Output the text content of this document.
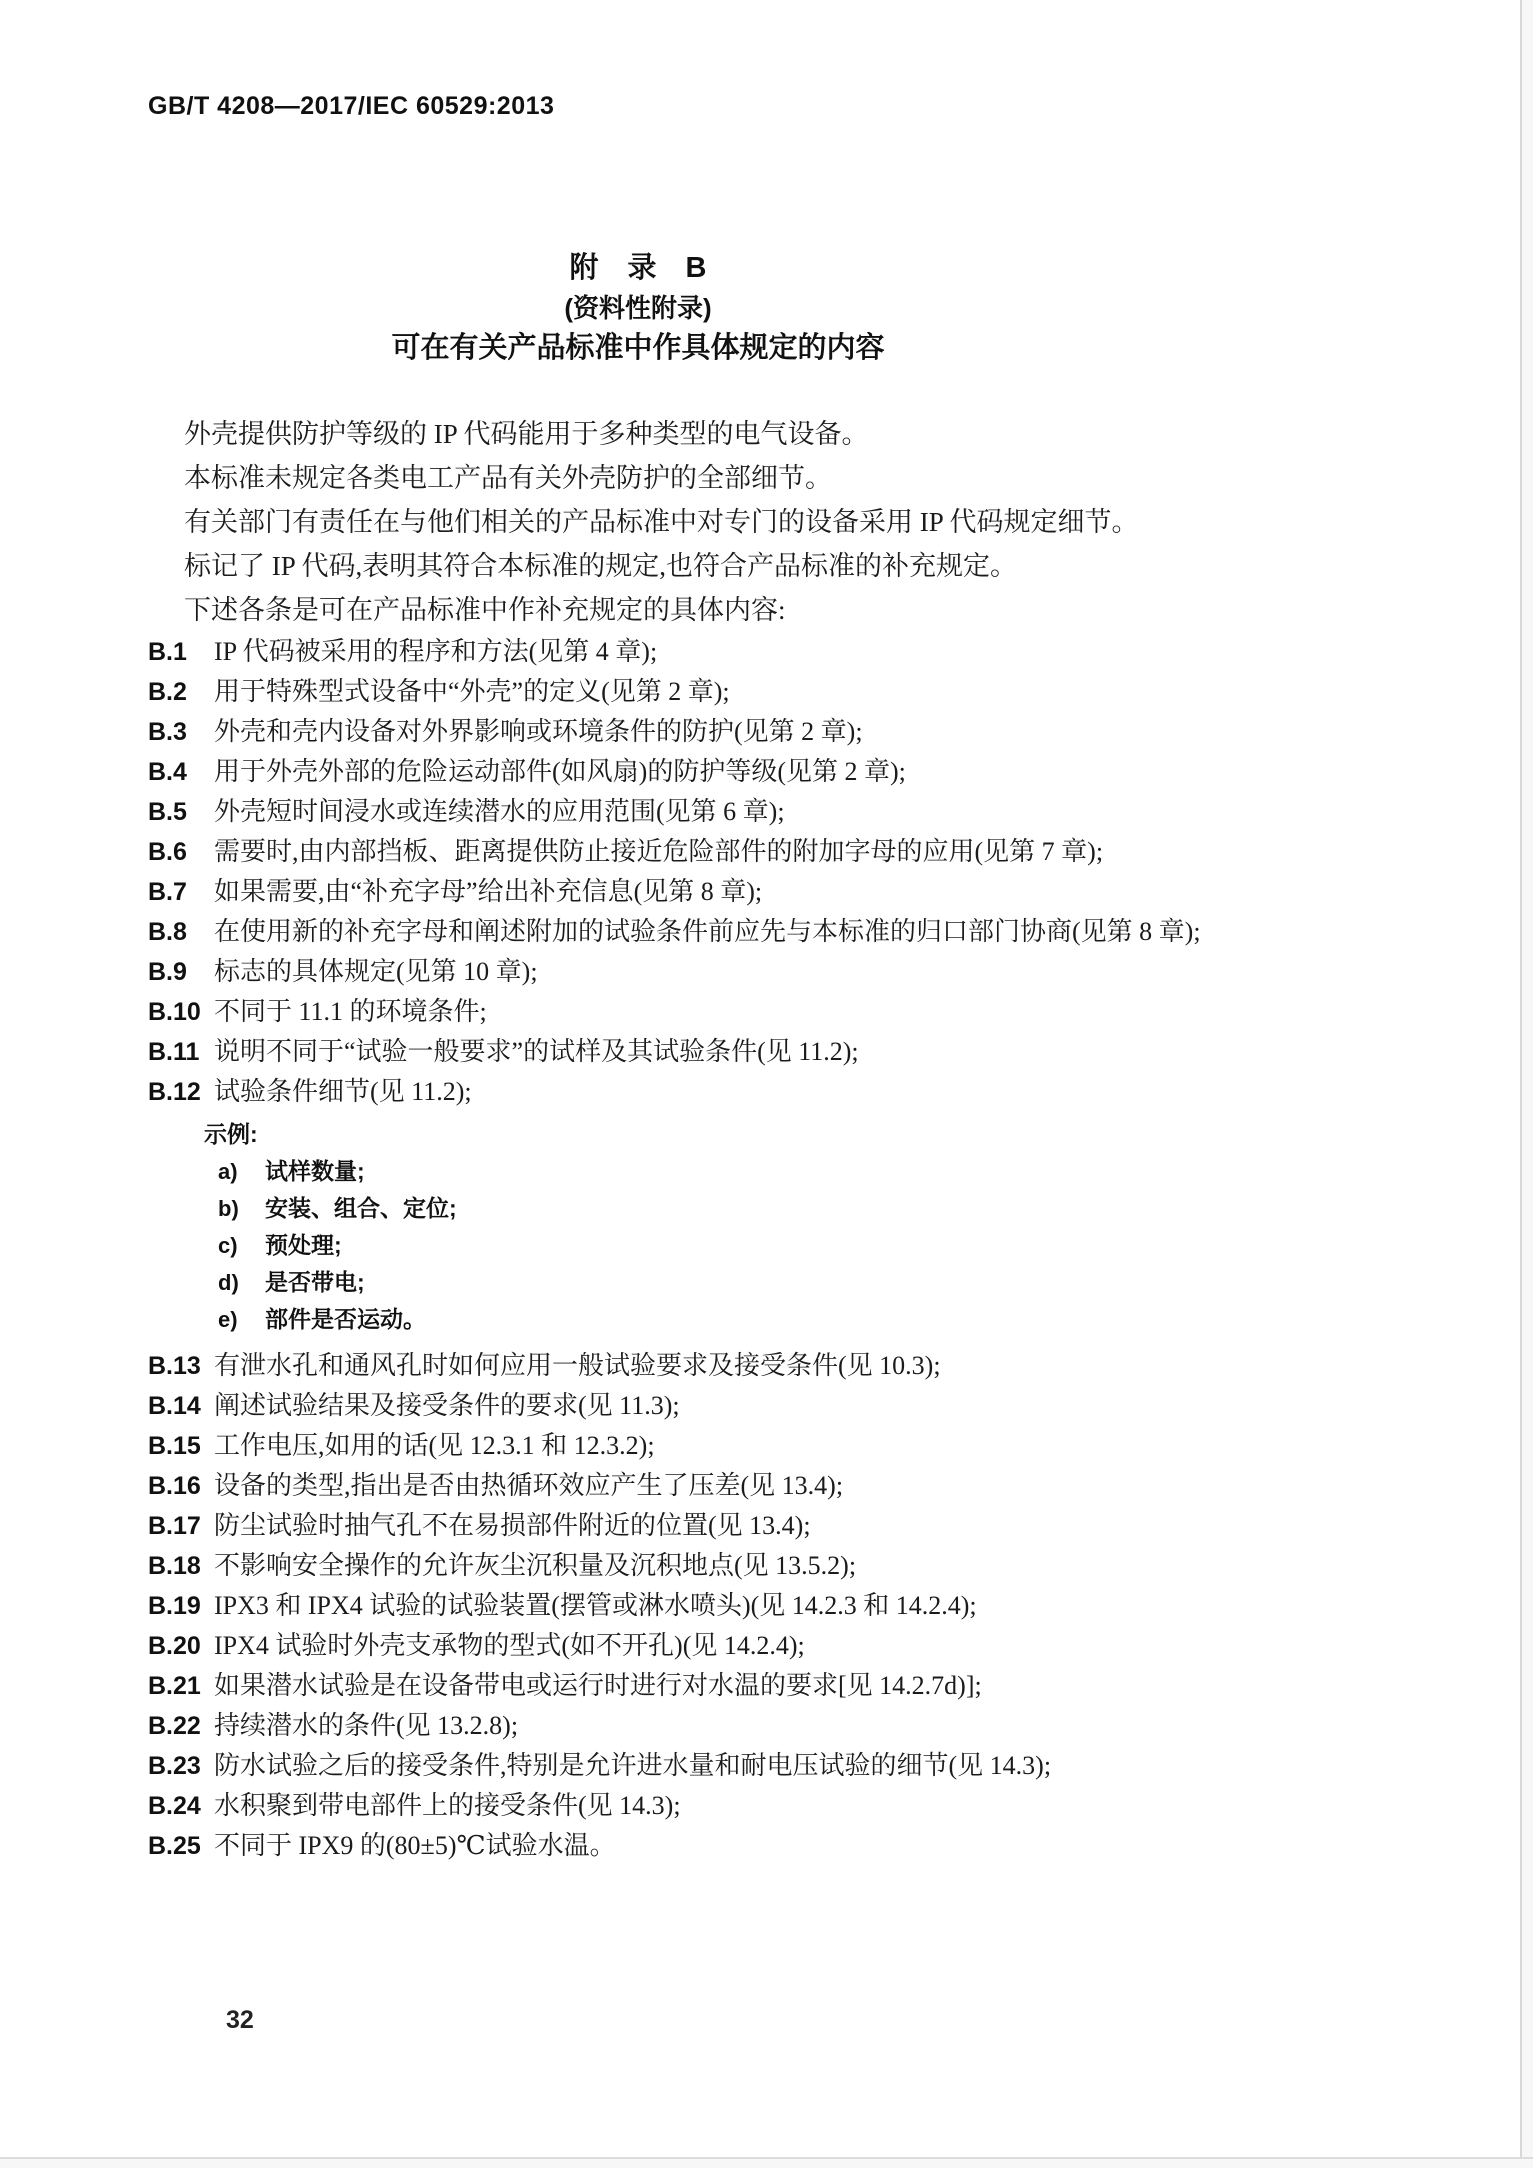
GB/T 4208—2017/IEC 60529:2013
附　录　B
(资料性附录)
可在有关产品标准中作具体规定的内容

外壳提供防护等级的 IP 代码能用于多种类型的电气设备。

本标准未规定各类电工产品有关外壳防护的全部细节。

有关部门有责任在与他们相关的产品标准中对专门的设备采用 IP 代码规定细节。

标记了 IP 代码,表明其符合本标准的规定,也符合产品标准的补充规定。

下述各条是可在产品标准中作补充规定的具体内容:

B.1	IP 代码被采用的程序和方法(见第 4 章);
B.2	用于特殊型式设备中“外壳”的定义(见第 2 章);
B.3	外壳和壳内设备对外界影响或环境条件的防护(见第 2 章);
B.4	用于外壳外部的危险运动部件(如风扇)的防护等级(见第 2 章);
B.5	外壳短时间浸水或连续潜水的应用范围(见第 6 章);
B.6	需要时,由内部挡板、距离提供防止接近危险部件的附加字母的应用(见第 7 章);
B.7	如果需要,由“补充字母”给出补充信息(见第 8 章);
B.8	在使用新的补充字母和阐述附加的试验条件前应先与本标准的归口部门协商(见第 8 章);
B.9	标志的具体规定(见第 10 章);
B.10 不同于 11.1 的环境条件;
B.11 说明不同于“试验一般要求”的试样及其试验条件(见 11.2);
B.12 试验条件细节(见 11.2);
示例:
a)	试样数量;
b)	安装、组合、定位;
c)	预处理;
d)	是否带电;
e)	部件是否运动。
B.13 有泄水孔和通风孔时如何应用一般试验要求及接受条件(见 10.3);
B.14 阐述试验结果及接受条件的要求(见 11.3);
B.15 工作电压,如用的话(见 12.3.1 和 12.3.2);
B.16 设备的类型,指出是否由热循环效应产生了压差(见 13.4);
B.17 防尘试验时抽气孔不在易损部件附近的位置(见 13.4);
B.18 不影响安全操作的允许灰尘沉积量及沉积地点(见 13.5.2);
B.19 IPX3 和 IPX4 试验的试验装置(摆管或淋水喷头)(见 14.2.3 和 14.2.4);
B.20 IPX4 试验时外壳支承物的型式(如不开孔)(见 14.2.4);
B.21 如果潜水试验是在设备带电或运行时进行对水温的要求[见 14.2.7d)];
B.22 持续潜水的条件(见 13.2.8);
B.23 防水试验之后的接受条件,特别是允许进水量和耐电压试验的细节(见 14.3);
B.24 水积聚到带电部件上的接受条件(见 14.3);
B.25 不同于 IPX9 的(80±5)℃试验水温。
32
